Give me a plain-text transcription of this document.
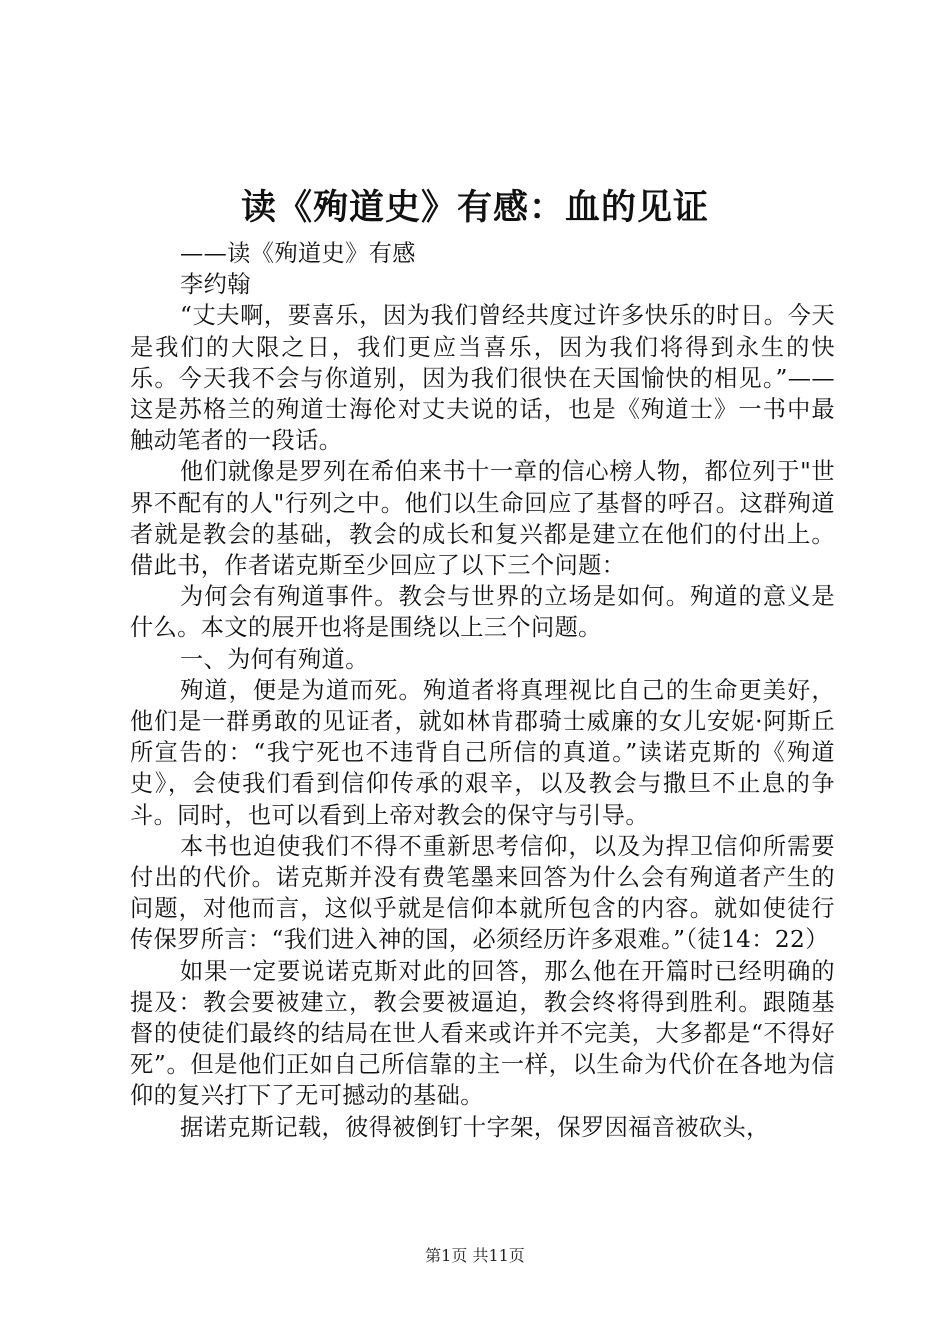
读《殉道史》有感：血的见证

——读《殉道史》有感

李约翰

“丈夫啊，要喜乐，因为我们曾经共度过许多快乐的时日。今天是我们的大限之日，我们更应当喜乐，因为我们将得到永生的快乐。今天我不会与你道别，因为我们很快在天国愉快的相见。”——这是苏格兰的殉道士海伦对丈夫说的话，也是《殉道士》一书中最触动笔者的一段话。

他们就像是罗列在希伯来书十一章的信心榜人物，都位列于"世界不配有的人"行列之中。他们以生命回应了基督的呼召。这群殉道者就是教会的基础，教会的成长和复兴都是建立在他们的付出上。借此书，作者诺克斯至少回应了以下三个问题：

为何会有殉道事件。教会与世界的立场是如何。殉道的意义是什么。本文的展开也将是围绕以上三个问题。

一、为何有殉道。

殉道，便是为道而死。殉道者将真理视比自己的生命更美好，他们是一群勇敢的见证者，就如林肯郡骑士威廉的女儿安妮·阿斯丘所宣告的：“我宁死也不违背自己所信的真道。”读诺克斯的《殉道史》，会使我们看到信仰传承的艰辛，以及教会与撒旦不止息的争斗。同时，也可以看到上帝对教会的保守与引导。

本书也迫使我们不得不重新思考信仰，以及为捍卫信仰所需要付出的代价。诺克斯并没有费笔墨来回答为什么会有殉道者产生的问题，对他而言，这似乎就是信仰本就所包含的内容。就如使徒行传保罗所言：“我们进入神的国，必须经历许多艰难。”（徒14：22）

如果一定要说诺克斯对此的回答，那么他在开篇时已经明确的提及：教会要被建立，教会要被逼迫，教会终将得到胜利。跟随基督的使徒们最终的结局在世人看来或许并不完美，大多都是“不得好死”。但是他们正如自己所信靠的主一样，以生命为代价在各地为信仰的复兴打下了无可撼动的基础。

据诺克斯记载，彼得被倒钉十字架，保罗因福音被砍头，

第1页 共11页
